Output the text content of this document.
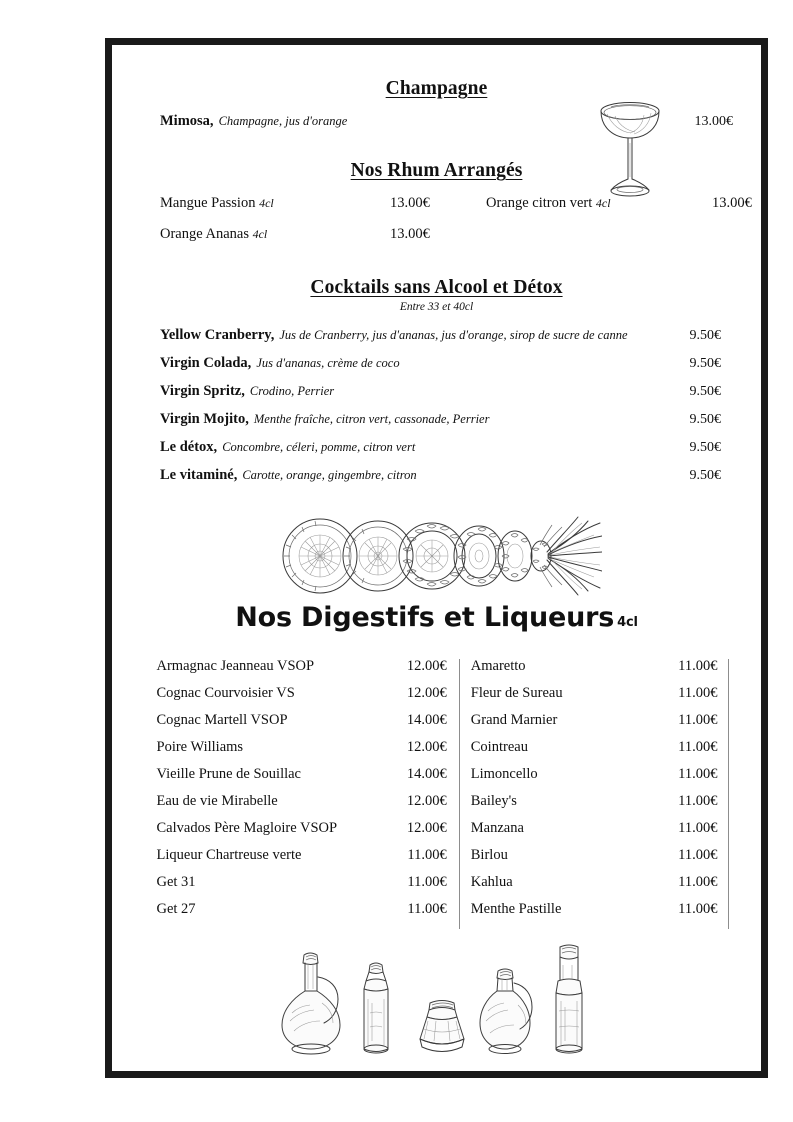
Champagne
Mimosa, Champagne, jus d'orange	13.00€
Nos Rhum Arrangés
Mangue Passion 4cl	13.00€	Orange citron vert 4cl	13.00€
Orange Ananas 4cl	13.00€
Cocktails sans Alcool et Détox
Entre 33 et 40cl
Yellow Cranberry, Jus de Cranberry, jus d'ananas, jus d'orange, sirop de sucre de canne	9.50€
Virgin Colada, Jus d'ananas, crème de coco	9.50€
Virgin Spritz, Crodino, Perrier	9.50€
Virgin Mojito, Menthe fraîche, citron vert, cassonade, Perrier	9.50€
Le détox, Concombre, céleri, pomme, citron vert	9.50€
Le vitaminé, Carotte, orange, gingembre, citron	9.50€
Nos Digestifs et Liqueurs 4cl
Armagnac Jeanneau VSOP	12.00€	Amaretto	11.00€
Cognac Courvoisier VS	12.00€	Fleur de Sureau	11.00€
Cognac Martell VSOP	14.00€	Grand Marnier	11.00€
Poire Williams	12.00€	Cointreau	11.00€
Vieille Prune de Souillac	14.00€	Limoncello	11.00€
Eau de vie Mirabelle	12.00€	Bailey's	11.00€
Calvados Père Magloire VSOP	12.00€	Manzana	11.00€
Liqueur Chartreuse verte	11.00€	Birlou	11.00€
Get 31	11.00€	Kahlua	11.00€
Get 27	11.00€	Menthe Pastille	11.00€
